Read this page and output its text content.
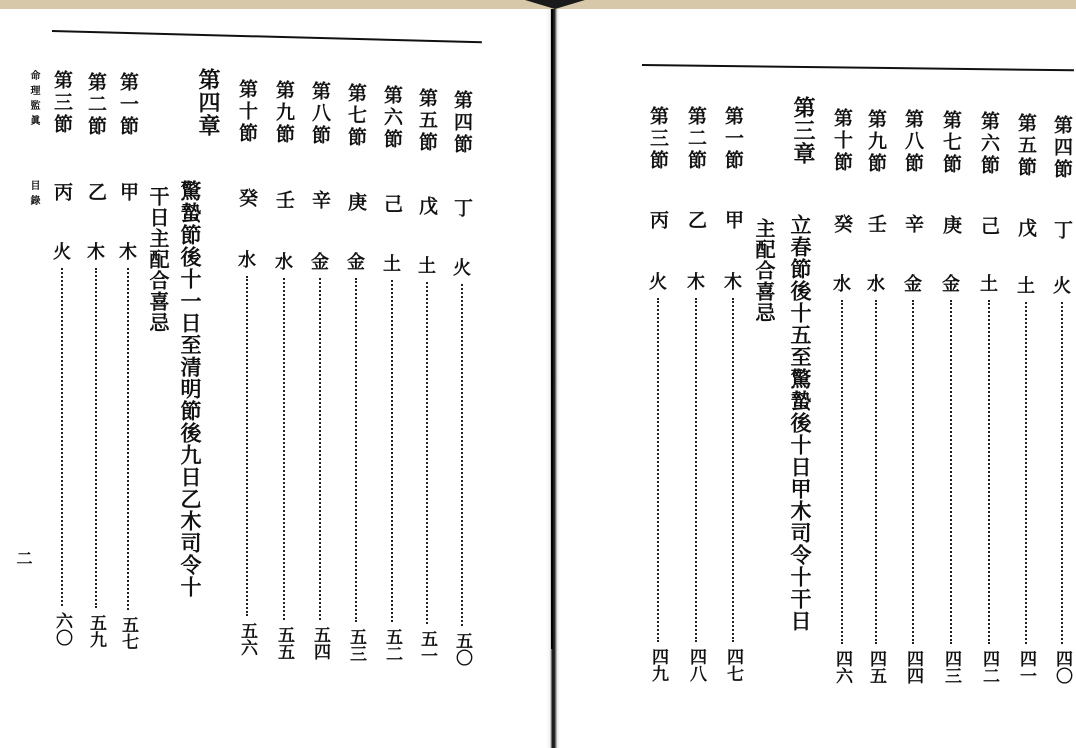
命理監眞
目錄
二
第四章
驚蟄節後十一日至清明節後九日乙木司令十
干日主配合喜忌
第四節
丁
火
五〇
第五節
戊
土
五一
第六節
己
土
五二
第七節
庚
金
五三
第八節
辛
金
五四
第九節
壬
水
五五
第十節
癸
水
五六
第一節
甲
木
五七
第二節
乙
木
五九
第三節
丙
火
六〇
第三章
立春節後十五至驚蟄後十日甲木司令十干日
主配合喜忌
第四節
丁
火
四〇
第五節
戊
土
四一
第六節
己
土
四二
第七節
庚
金
四三
第八節
辛
金
四四
第九節
壬
水
四五
第十節
癸
水
四六
第一節
甲
木
四七
第二節
乙
木
四八
第三節
丙
火
四九
